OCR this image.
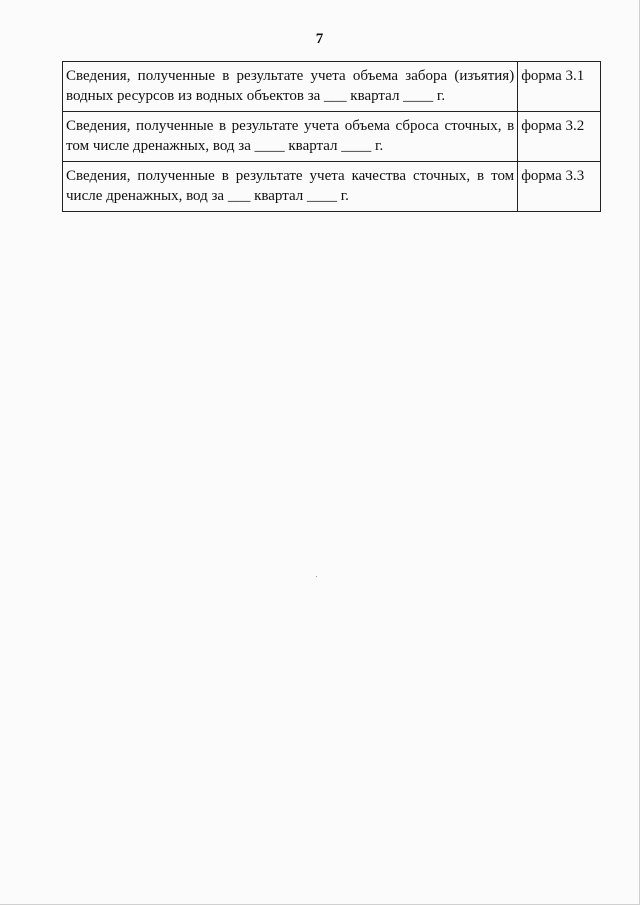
7
Сведения, полученные в результате учета объема забора (изъятия) водных ресурсов из водных объектов за ___ квартал ____ г.	форма 3.1
Сведения, полученные в результате учета объема сброса сточных, в том числе дренажных, вод за ____ квартал ____ г.	форма 3.2
Сведения, полученные в результате учета качества сточных, в том числе дренажных, вод за ___ квартал ____ г.	форма 3.3
